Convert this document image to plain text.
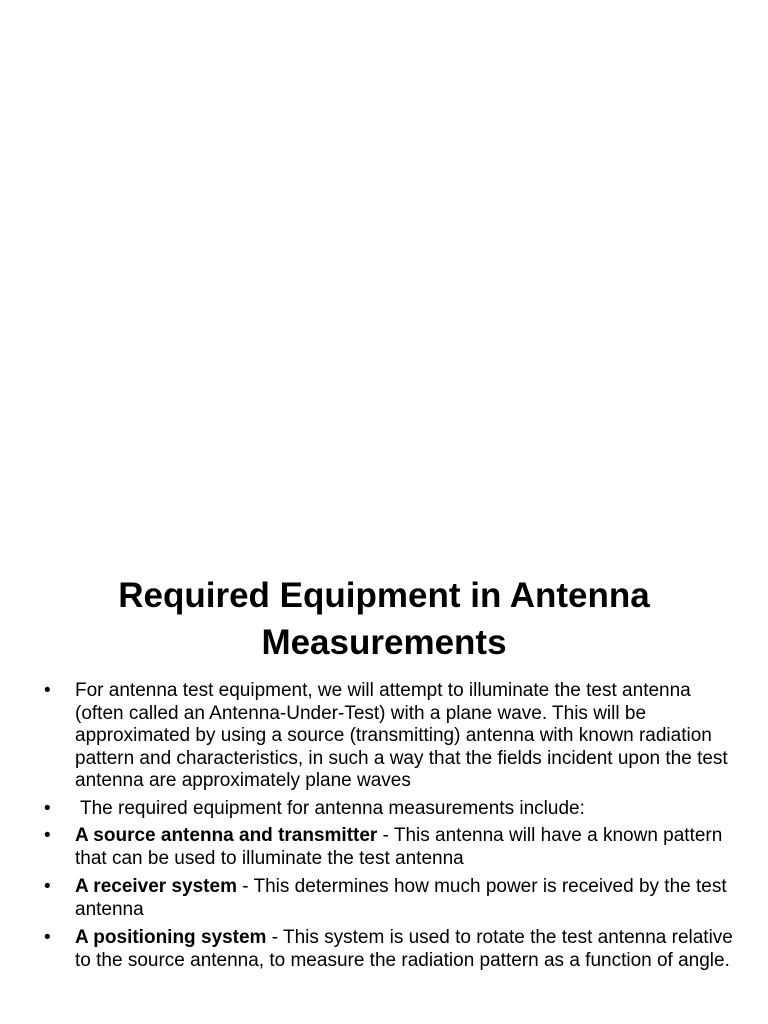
Required Equipment in Antenna Measurements
• For antenna test equipment, we will attempt to illuminate the test antenna (often called an Antenna-Under-Test) with a plane wave. This will be approximated by using a source (transmitting) antenna with known radiation pattern and characteristics, in such a way that the fields incident upon the test antenna are approximately plane waves
• The required equipment for antenna measurements include:
• A source antenna and transmitter - This antenna will have a known pattern that can be used to illuminate the test antenna
• A receiver system - This determines how much power is received by the test antenna
• A positioning system - This system is used to rotate the test antenna relative to the source antenna, to measure the radiation pattern as a function of angle.
